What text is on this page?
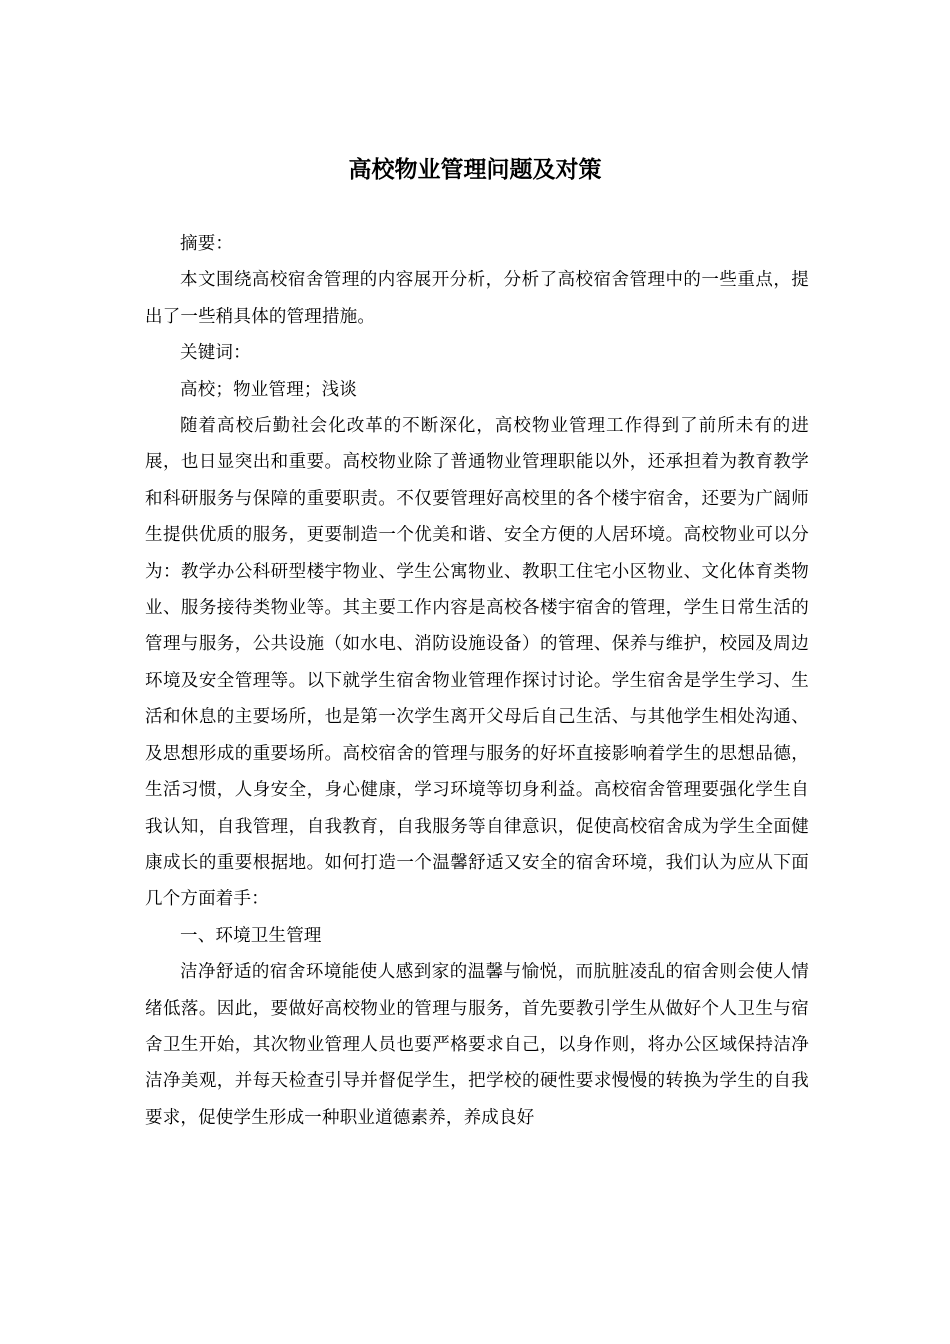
高校物业管理问题及对策

摘要：

本文围绕高校宿舍管理的内容展开分析，分析了高校宿舍管理中的一些重点，提出了一些稍具体的管理措施。

关键词：

高校；物业管理；浅谈

随着高校后勤社会化改革的不断深化，高校物业管理工作得到了前所未有的进展，也日显突出和重要。高校物业除了普通物业管理职能以外，还承担着为教育教学和科研服务与保障的重要职责。不仅要管理好高校里的各个楼宇宿舍，还要为广阔师生提供优质的服务，更要制造一个优美和谐、安全方便的人居环境。高校物业可以分为：教学办公科研型楼宇物业、学生公寓物业、教职工住宅小区物业、文化体育类物业、服务接待类物业等。其主要工作内容是高校各楼宇宿舍的管理，学生日常生活的管理与服务，公共设施（如水电、消防设施设备）的管理、保养与维护，校园及周边环境及安全管理等。以下就学生宿舍物业管理作探讨讨论。学生宿舍是学生学习、生活和休息的主要场所，也是第一次学生离开父母后自己生活、与其他学生相处沟通、及思想形成的重要场所。高校宿舍的管理与服务的好坏直接影响着学生的思想品德，生活习惯，人身安全，身心健康，学习环境等切身利益。高校宿舍管理要强化学生自我认知，自我管理，自我教育，自我服务等自律意识，促使高校宿舍成为学生全面健康成长的重要根据地。如何打造一个温馨舒适又安全的宿舍环境，我们认为应从下面几个方面着手：

一、环境卫生管理

洁净舒适的宿舍环境能使人感到家的温馨与愉悦，而肮脏凌乱的宿舍则会使人情绪低落。因此，要做好高校物业的管理与服务，首先要教引学生从做好个人卫生与宿舍卫生开始，其次物业管理人员也要严格要求自己，以身作则，将办公区域保持洁净洁净美观，并每天检查引导并督促学生，把学校的硬性要求慢慢的转换为学生的自我要求，促使学生形成一种职业道德素养，养成良好
